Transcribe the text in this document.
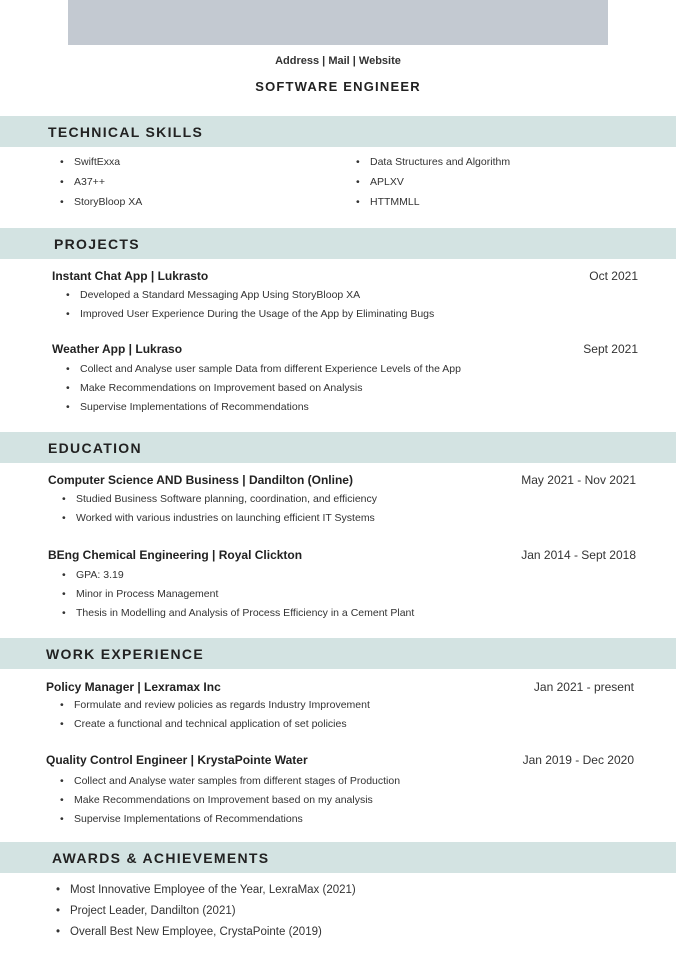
Address | Mail | Website
SOFTWARE ENGINEER
TECHNICAL SKILLS
• SwiftExxa
• A37++
• StoryBloop XA
• Data Structures and Algorithm
• APLXV
• HTTMMLL
PROJECTS
Instant Chat App | Lukrasto	Oct 2021
• Developed a Standard Messaging App Using StoryBloop XA
• Improved User Experience During the Usage of the App by Eliminating Bugs
Weather App | Lukraso	Sept 2021
• Collect and Analyse user sample Data from different Experience Levels of the App
• Make Recommendations on Improvement based on Analysis
• Supervise Implementations of Recommendations
EDUCATION
Computer Science AND Business | Dandilton (Online)	May 2021 - Nov 2021
• Studied Business Software planning, coordination, and efficiency
• Worked with various industries on launching efficient IT Systems
BEng Chemical Engineering | Royal Clickton	Jan 2014 - Sept 2018
• GPA: 3.19
• Minor in Process Management
• Thesis in Modelling and Analysis of Process Efficiency in a Cement Plant
WORK EXPERIENCE
Policy Manager | Lexramax Inc	Jan 2021 - present
• Formulate and review policies as regards Industry Improvement
• Create a functional and technical application of set policies
Quality Control Engineer | KrystaPointe Water	Jan 2019 - Dec 2020
• Collect and Analyse water samples from different stages of Production
• Make Recommendations on Improvement based on my analysis
• Supervise Implementations of Recommendations
AWARDS & ACHIEVEMENTS
• Most Innovative Employee of the Year, LexraMax (2021)
• Project Leader, Dandilton (2021)
• Overall Best New Employee, CrystaPointe (2019)
